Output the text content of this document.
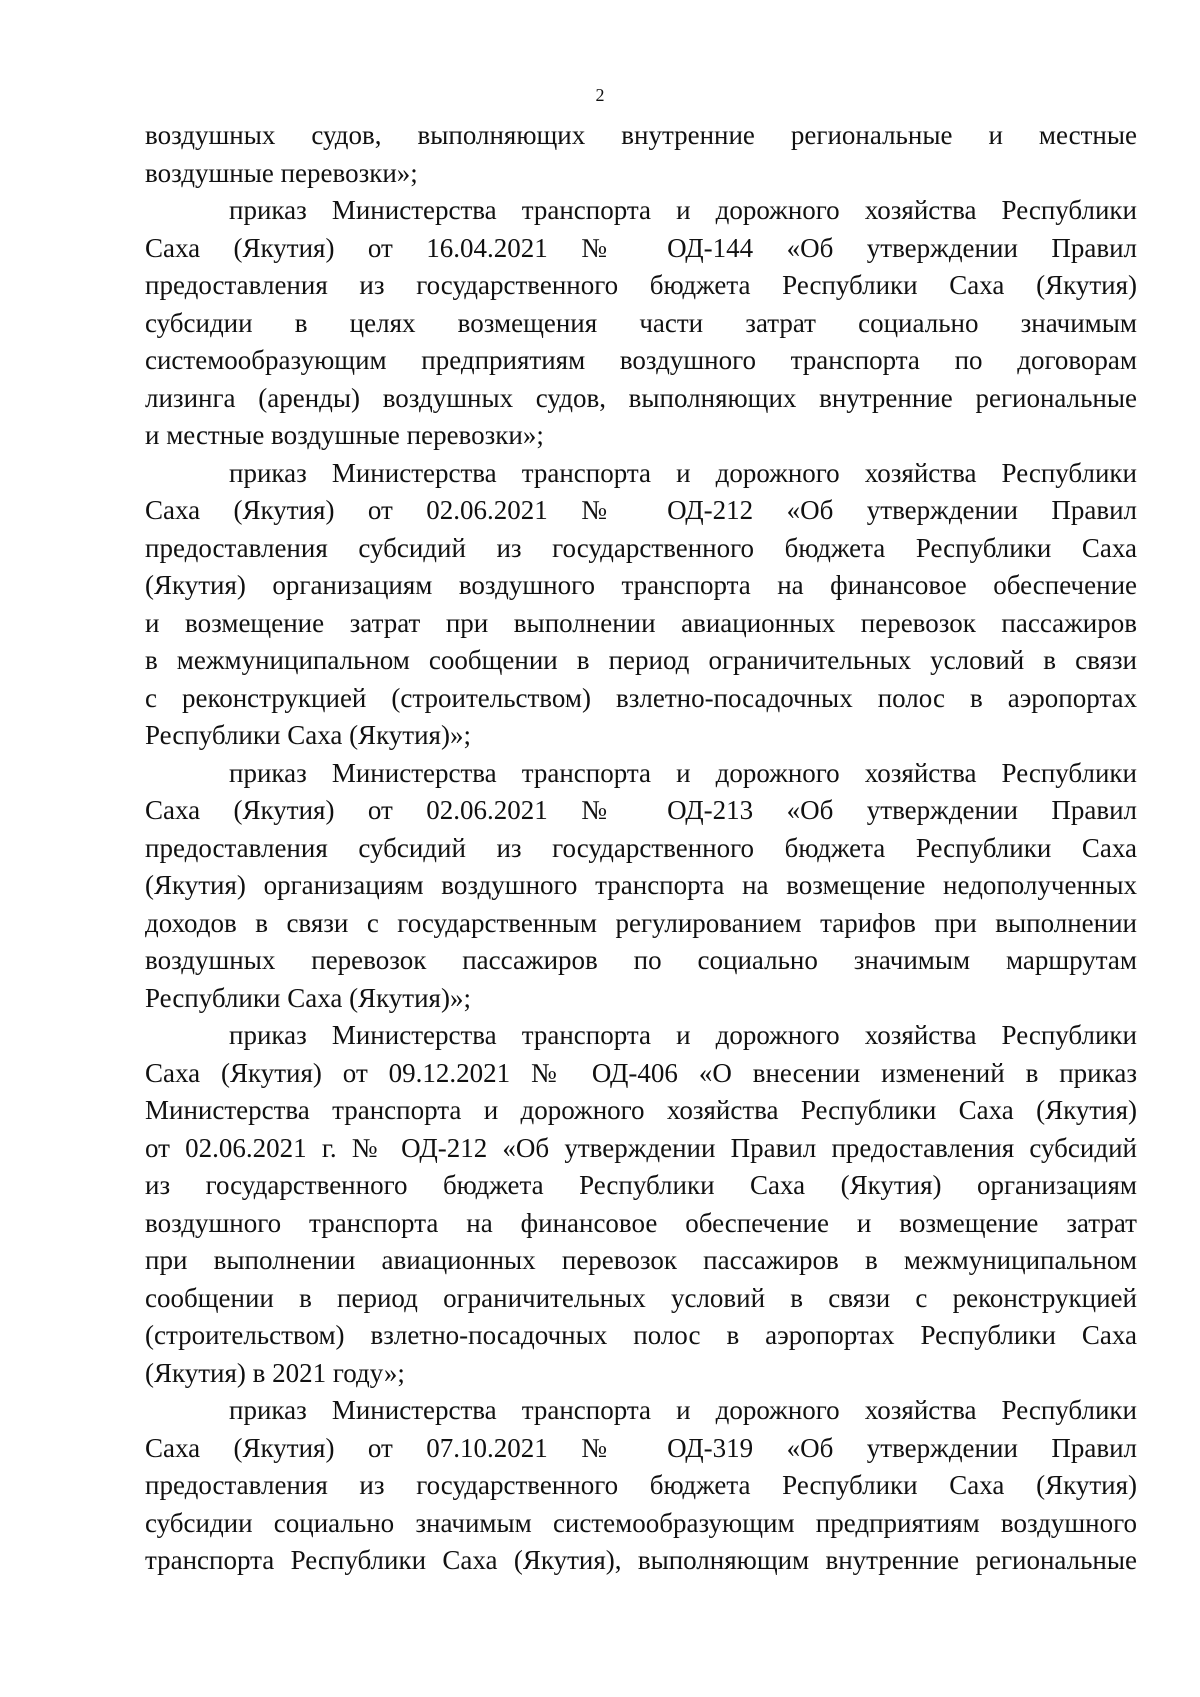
2
воздушных судов, выполняющих внутренние региональные и местные
воздушные перевозки»;
приказ Министерства транспорта и дорожного хозяйства Республики
Саха (Якутия) от 16.04.2021 № ОД-144 «Об утверждении Правил
предоставления из государственного бюджета Республики Саха (Якутия)
субсидии в целях возмещения части затрат социально значимым
системообразующим предприятиям воздушного транспорта по договорам
лизинга (аренды) воздушных судов, выполняющих внутренние региональные
и местные воздушные перевозки»;
приказ Министерства транспорта и дорожного хозяйства Республики
Саха (Якутия) от 02.06.2021 № ОД-212 «Об утверждении Правил
предоставления субсидий из государственного бюджета Республики Саха
(Якутия) организациям воздушного транспорта на финансовое обеспечение
и возмещение затрат при выполнении авиационных перевозок пассажиров
в межмуниципальном сообщении в период ограничительных условий в связи
с реконструкцией (строительством) взлетно-посадочных полос в аэропортах
Республики Саха (Якутия)»;
приказ Министерства транспорта и дорожного хозяйства Республики
Саха (Якутия) от 02.06.2021 № ОД-213 «Об утверждении Правил
предоставления субсидий из государственного бюджета Республики Саха
(Якутия) организациям воздушного транспорта на возмещение недополученных
доходов в связи с государственным регулированием тарифов при выполнении
воздушных перевозок пассажиров по социально значимым маршрутам
Республики Саха (Якутия)»;
приказ Министерства транспорта и дорожного хозяйства Республики
Саха (Якутия) от 09.12.2021 № ОД-406 «О внесении изменений в приказ
Министерства транспорта и дорожного хозяйства Республики Саха (Якутия)
от 02.06.2021 г. № ОД-212 «Об утверждении Правил предоставления субсидий
из государственного бюджета Республики Саха (Якутия) организациям
воздушного транспорта на финансовое обеспечение и возмещение затрат
при выполнении авиационных перевозок пассажиров в межмуниципальном
сообщении в период ограничительных условий в связи с реконструкцией
(строительством) взлетно-посадочных полос в аэропортах Республики Саха
(Якутия) в 2021 году»;
приказ Министерства транспорта и дорожного хозяйства Республики
Саха (Якутия) от 07.10.2021 № ОД-319 «Об утверждении Правил
предоставления из государственного бюджета Республики Саха (Якутия)
субсидии социально значимым системообразующим предприятиям воздушного
транспорта Республики Саха (Якутия), выполняющим внутренние региональные
